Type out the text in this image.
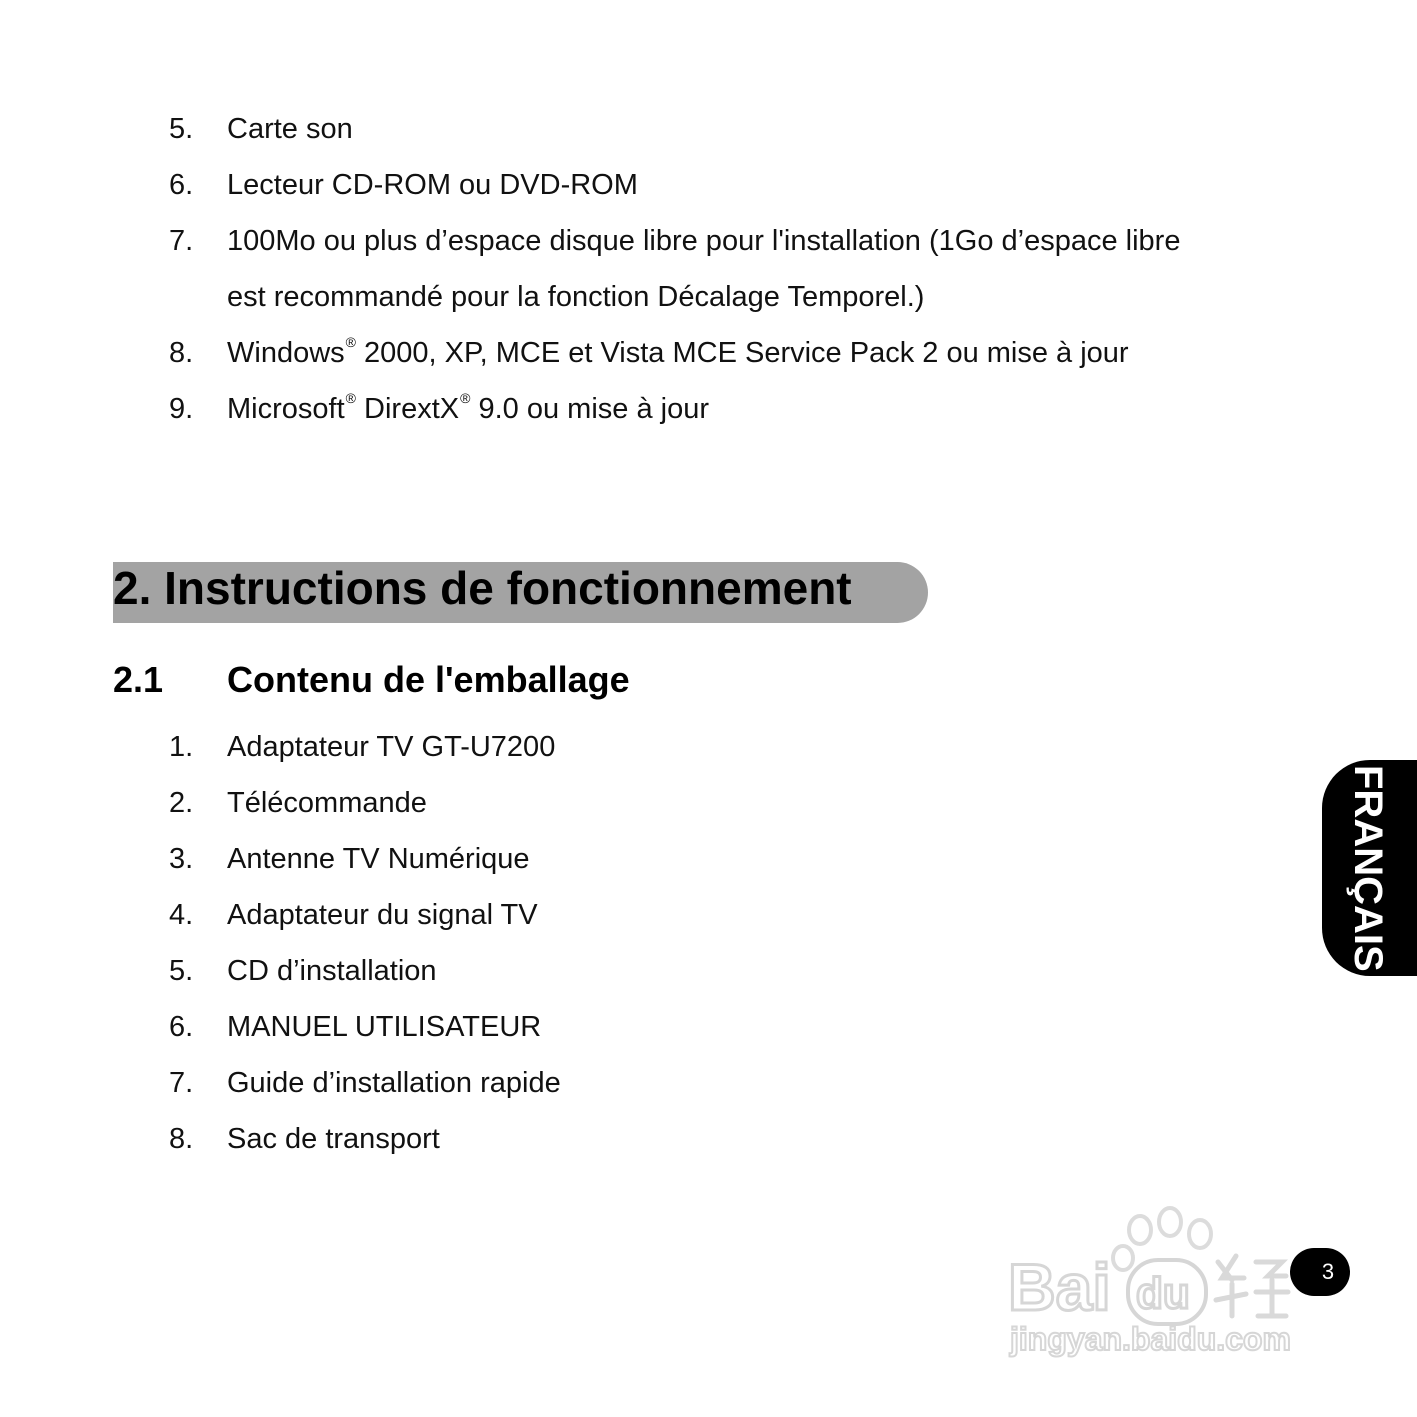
5. Carte son
6. Lecteur CD-ROM ou DVD-ROM
7. 100Mo ou plus d’espace disque libre pour l'installation (1Go d’espace libre
est recommandé pour la fonction Décalage Temporel.)
8. Windows® 2000, XP, MCE et Vista MCE Service Pack 2 ou mise à jour
9. Microsoft® DirextX® 9.0 ou mise à jour
2. Instructions de fonctionnement
2.1 Contenu de l'emballage
1. Adaptateur TV GT-U7200
2. Télécommande
3. Antenne TV Numérique
4. Adaptateur du signal TV
5. CD d’installation
6. MANUEL UTILISATEUR
7. Guide d’installation rapide
8. Sac de transport
FRANÇAIS
3
Bai du
jingyan.baidu.com
